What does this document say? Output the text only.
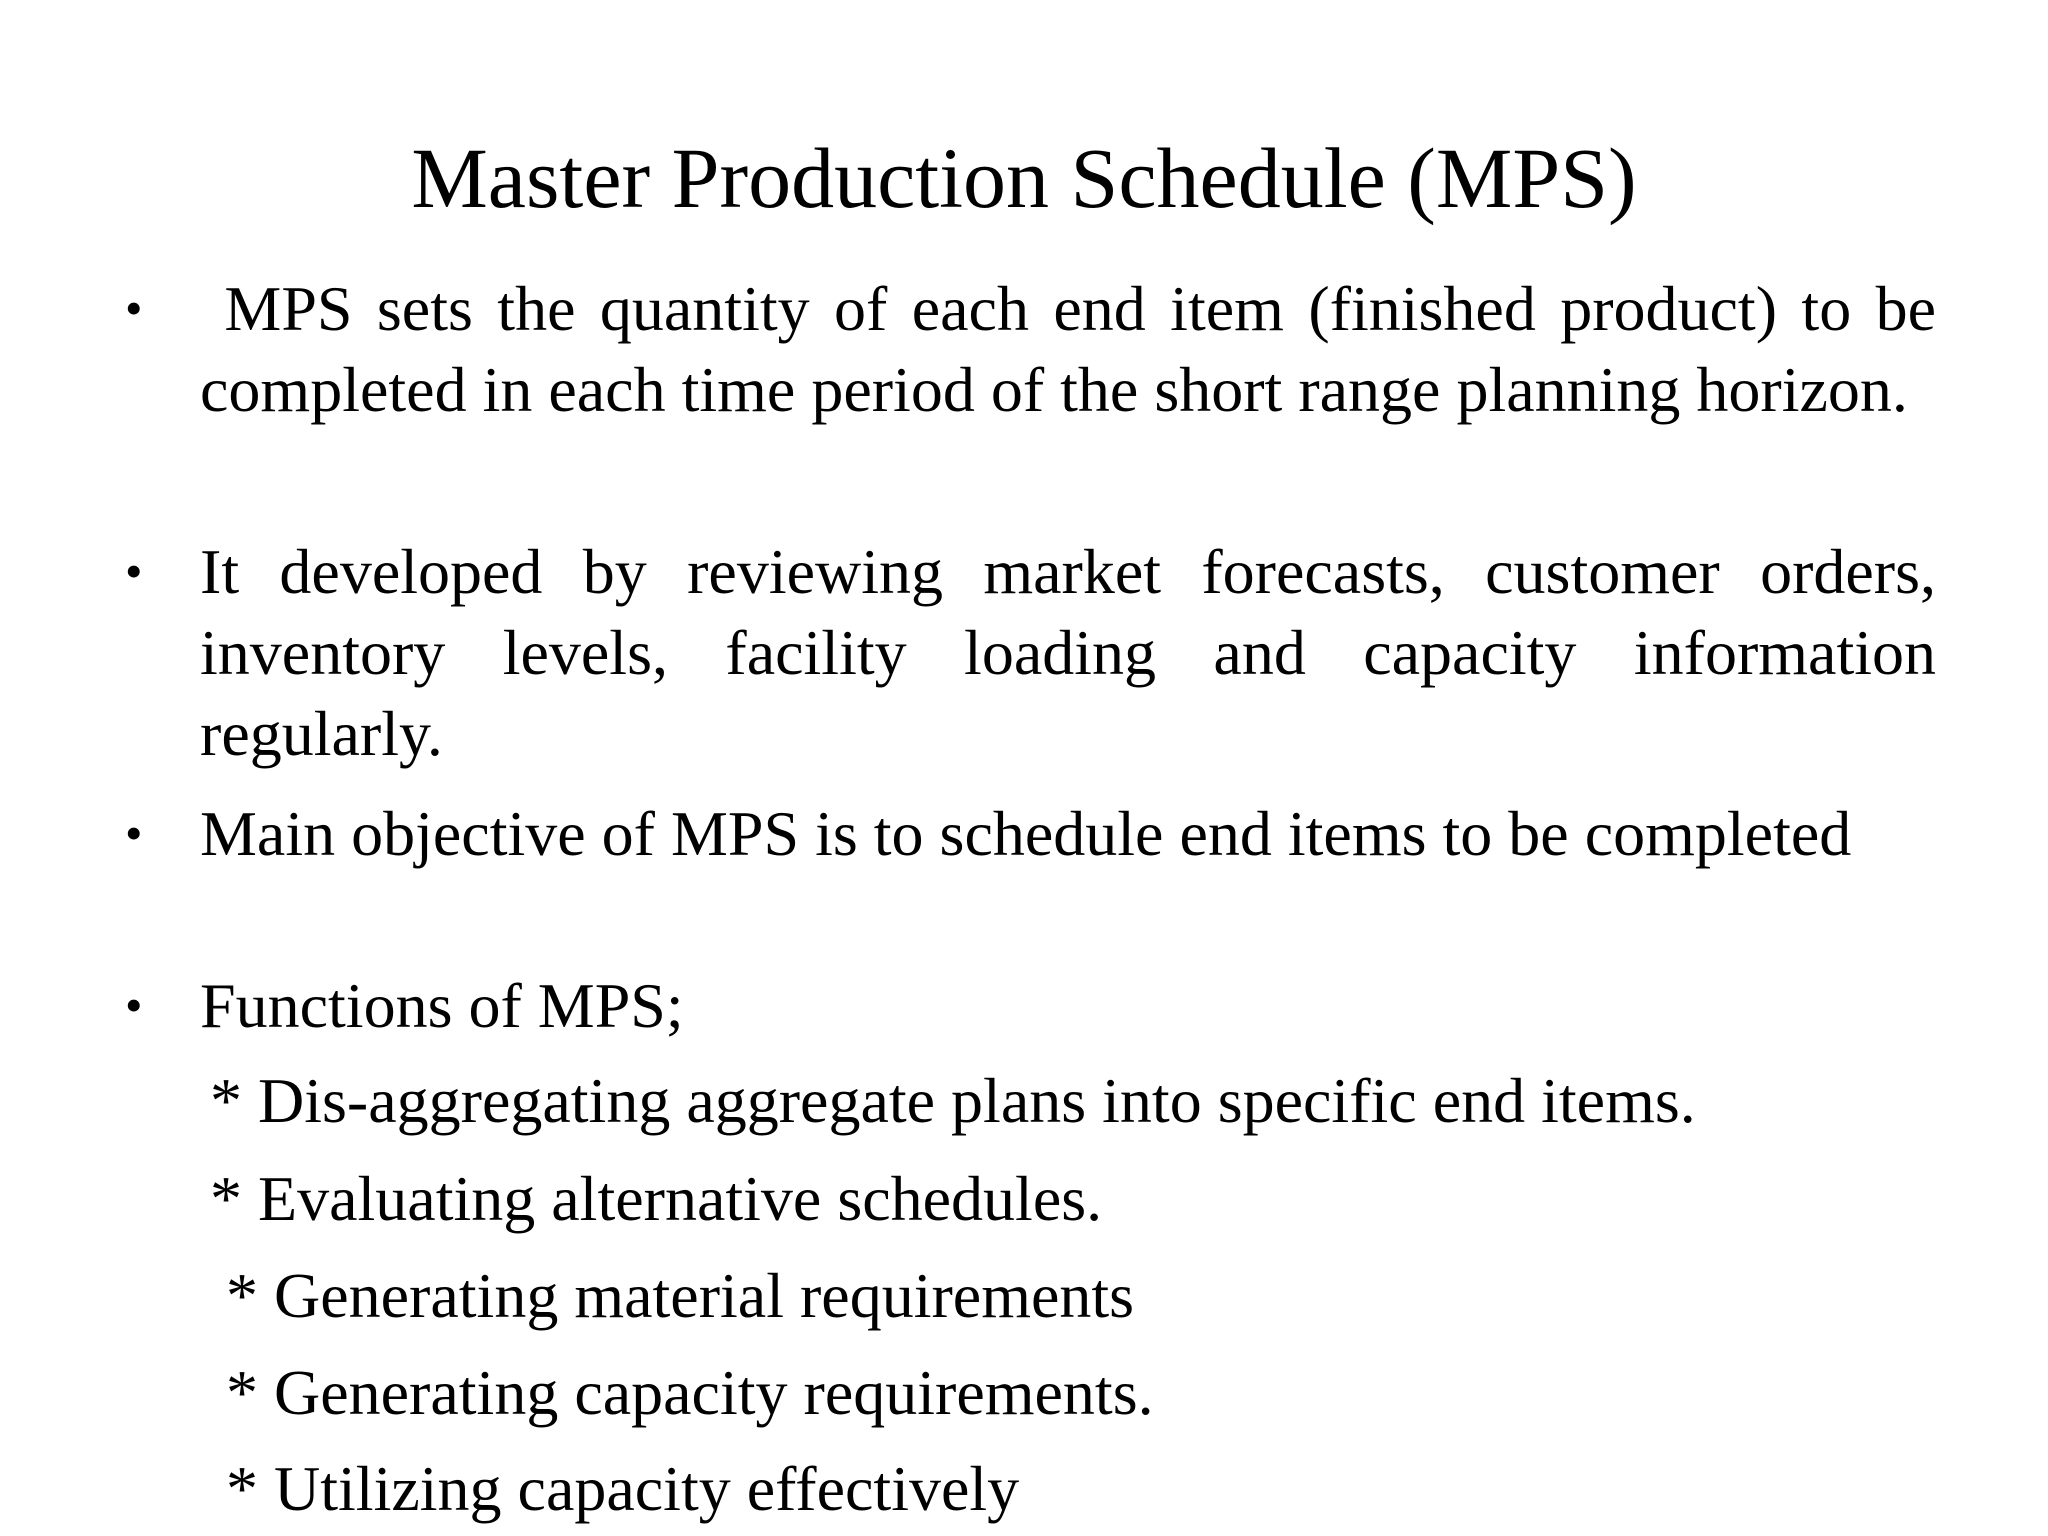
Master Production Schedule (MPS)
• MPS sets the quantity of each end item (finished product) to be completed in each time period of the short range planning horizon.
• It developed by reviewing market forecasts, customer orders, inventory levels, facility loading and capacity information regularly.
• Main objective of MPS is to schedule end items to be completed
• Functions of MPS;
* Dis-aggregating aggregate plans into specific end items.
* Evaluating alternative schedules.
* Generating material requirements
* Generating capacity requirements.
* Utilizing capacity effectively
